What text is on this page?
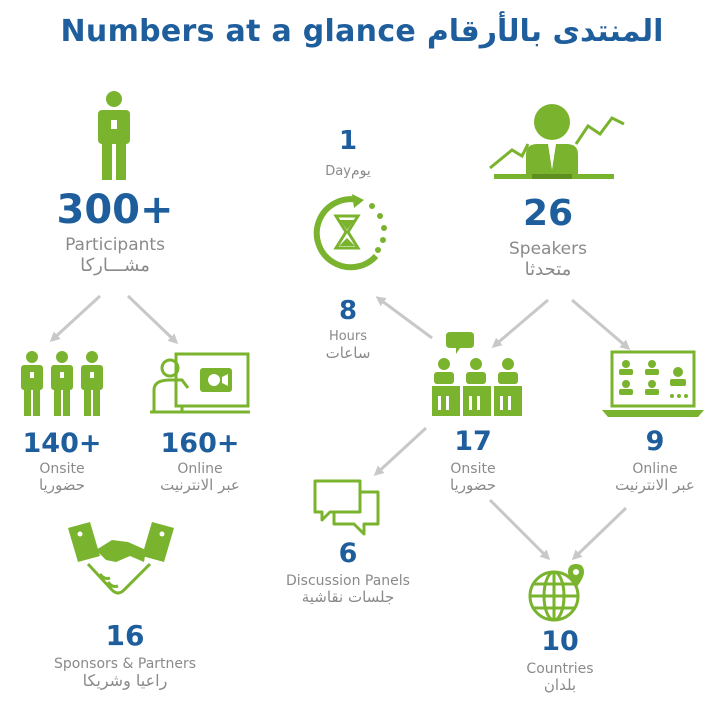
Numbers at a glance المنتدى بالأرقام
300+
Participants
مشـــاركا
140+
Onsite
حضوريا
160+
Online
عبر الانترنيت
16
Sponsors & Partners
راعيا وشريكا
1
Dayيوم
8
Hours
ساعات
26
Speakers
متحدثا
17
Onsite
حضوريا
9
Online
عبر الانترنيت
6
Discussion Panels
جلسات نقاشية
10
Countries
بلدان
